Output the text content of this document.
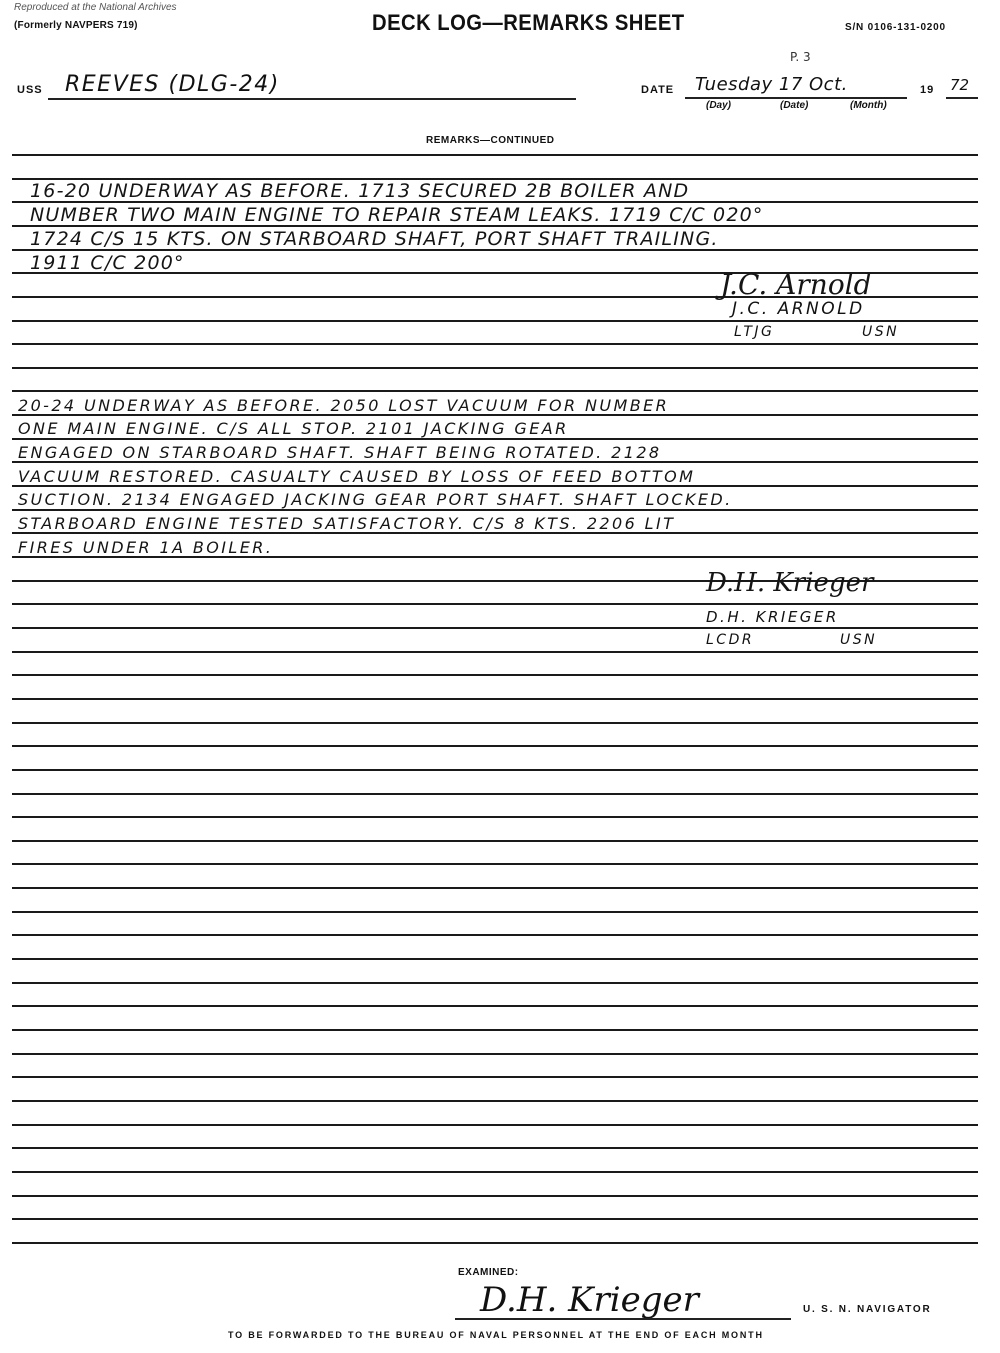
Reproduced at the National Archives
(Formerly NAVPERS 719)	DECK LOG—REMARKS SHEET	S/N 0106-131-0200
USS REEVES (DLG-24)
P. 3
DATE Tuesday 17 Oct.	19 72
(Day)	(Date)	(Month)
REMARKS—CONTINUED
16-20 UNDERWAY AS BEFORE. 1713 SECURED 2B BOILER AND
NUMBER TWO MAIN ENGINE TO REPAIR STEAM LEAKS. 1719 C/C 020°
1724 C/S 15 KTS. ON STARBOARD SHAFT, PORT SHAFT TRAILING.
1911 C/C 200°
J.C. Arnold
J.C. ARNOLD
LTJG	USN
20-24 UNDERWAY AS BEFORE. 2050 LOST VACUUM FOR NUMBER
ONE MAIN ENGINE. C/S ALL STOP. 2101 JACKING GEAR
ENGAGED ON STARBOARD SHAFT. SHAFT BEING ROTATED. 2128
VACUUM RESTORED. CASUALTY CAUSED BY LOSS OF FEED BOTTOM
SUCTION. 2134 ENGAGED JACKING GEAR PORT SHAFT. SHAFT LOCKED.
STARBOARD ENGINE TESTED SATISFACTORY. C/S 8 KTS. 2206 LIT
FIRES UNDER 1A BOILER.
D.H. Krieger
D.H. KRIEGER
LCDR	USN
EXAMINED:
D.H. Krieger	U. S. N. NAVIGATOR
TO BE FORWARDED TO THE BUREAU OF NAVAL PERSONNEL AT THE END OF EACH MONTH
